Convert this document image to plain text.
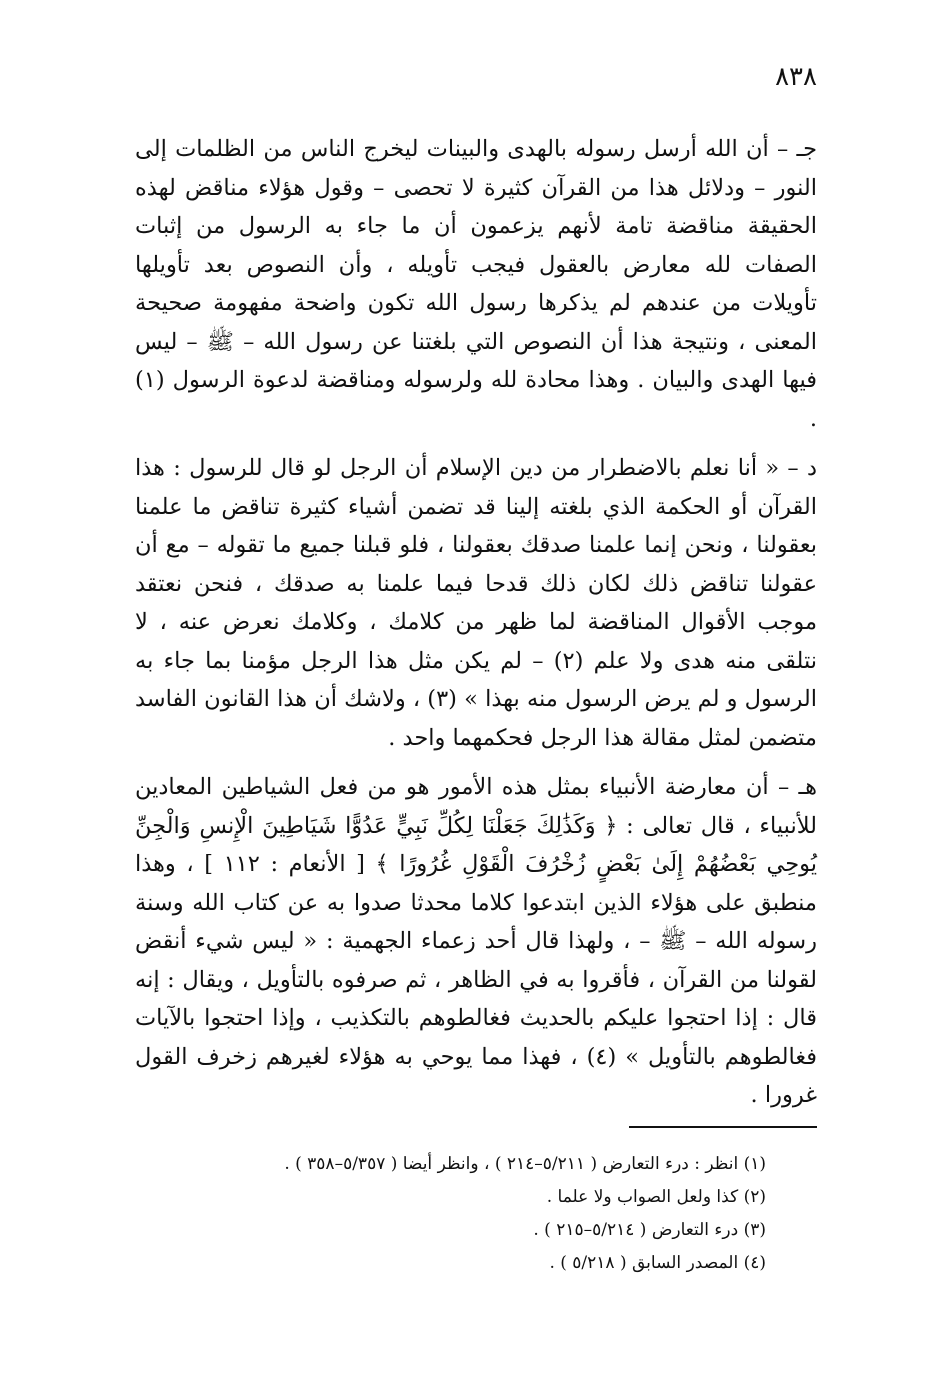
٨٣٨

جـ – أن الله أرسل رسوله بالهدى والبينات ليخرج الناس من الظلمات إلى النور – ودلائل هذا من القرآن كثيرة لا تحصى – وقول هؤلاء مناقض لهذه الحقيقة مناقضة تامة لأنهم يزعمون أن ما جاء به الرسول من إثبات الصفات لله معارض بالعقول فيجب تأويله ، وأن النصوص بعد تأويلها تأويلات من عندهم لم يذكرها رسول الله تكون واضحة مفهومة صحيحة المعنى ، ونتيجة هذا أن النصوص التي بلغتنا عن رسول الله – ﷺ – ليس فيها الهدى والبيان . وهذا محادة لله ولرسوله ومناقضة لدعوة الرسول (١) .

د – « أنا نعلم بالاضطرار من دين الإسلام أن الرجل لو قال للرسول : هذا القرآن أو الحكمة الذي بلغته إلينا قد تضمن أشياء كثيرة تناقض ما علمنا بعقولنا ، ونحن إنما علمنا صدقك بعقولنا ، فلو قبلنا جميع ما تقوله – مع أن عقولنا تناقض ذلك لكان ذلك قدحا فيما علمنا به صدقك ، فنحن نعتقد موجب الأقوال المناقضة لما ظهر من كلامك ، وكلامك نعرض عنه ، لا نتلقى منه هدى ولا علم (٢) – لم يكن مثل هذا الرجل مؤمنا بما جاء به الرسول و لم يرض الرسول منه بهذا » (٣) ، ولاشك أن هذا القانون الفاسد متضمن لمثل مقالة هذا الرجل فحكمهما واحد .

هـ – أن معارضة الأنبياء بمثل هذه الأمور هو من فعل الشياطين المعادين للأنبياء ، قال تعالى : ﴿ وَكَذَٰلِكَ جَعَلْنَا لِكُلِّ نَبِيٍّ عَدُوًّا شَيَاطِينَ الْإِنسِ وَالْجِنِّ يُوحِي بَعْضُهُمْ إِلَىٰ بَعْضٍ زُخْرُفَ الْقَوْلِ غُرُورًا ﴾ [ الأنعام : ١١٢ ] ، وهذا منطبق على هؤلاء الذين ابتدعوا كلاما محدثا صدوا به عن كتاب الله وسنة رسوله الله – ﷺ – ، ولهذا قال أحد زعماء الجهمية : « ليس شيء أنقض لقولنا من القرآن ، فأقروا به في الظاهر ، ثم صرفوه بالتأويل ، ويقال : إنه قال : إذا احتجوا عليكم بالحديث فغالطوهم بالتكذيب ، وإذا احتجوا بالآيات فغالطوهم بالتأويل » (٤) ، فهذا مما يوحي به هؤلاء لغيرهم زخرف القول غرورا .

(١) انظر : درء التعارض ( ٥/٢١١–٢١٤ ) ، وانظر أيضا ( ٥/٣٥٧–٣٥٨ ) .
(٢) كذا ولعل الصواب ولا علما .
(٣) درء التعارض ( ٥/٢١٤–٢١٥ ) .
(٤) المصدر السابق ( ٥/٢١٨ ) .
